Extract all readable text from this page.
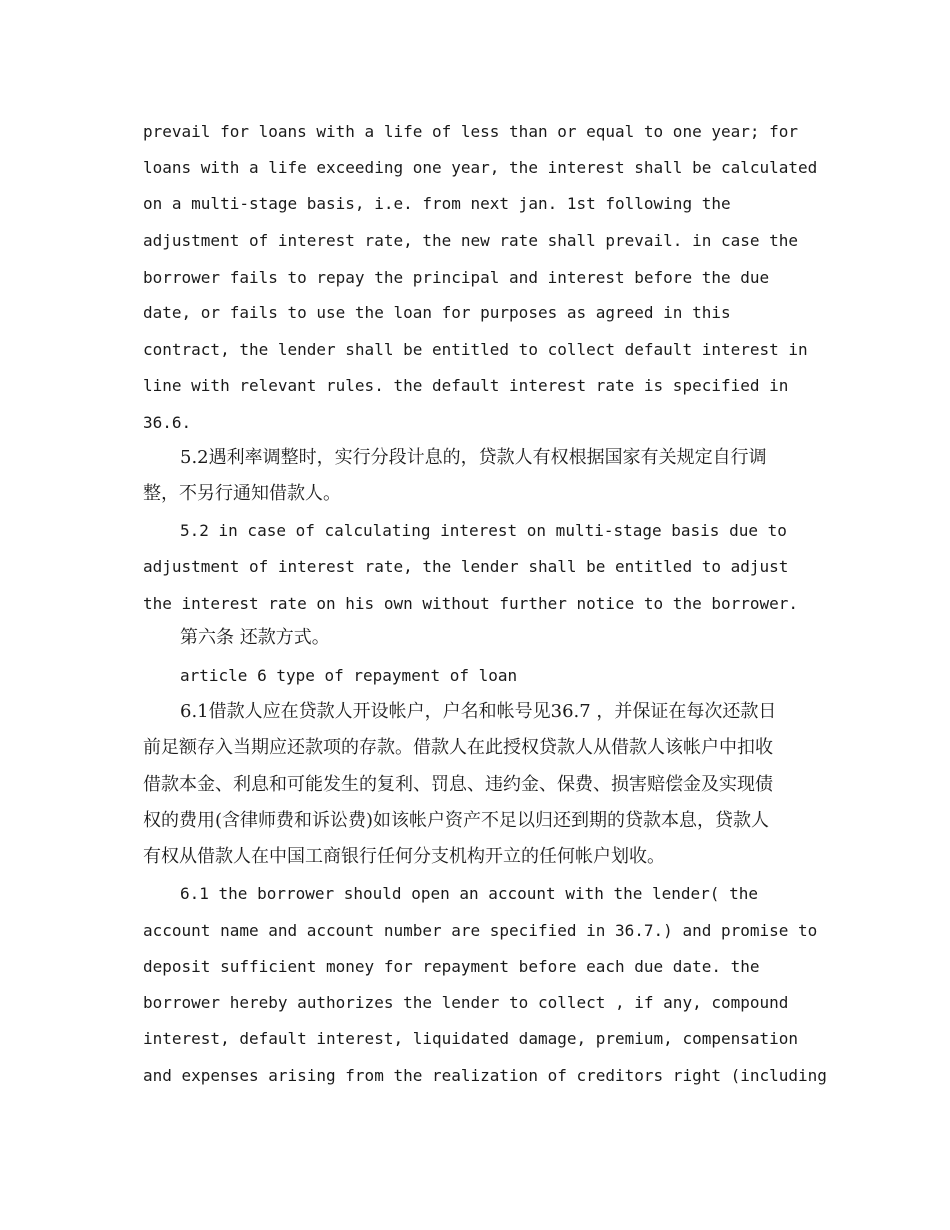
prevail for loans with a life of less than or equal to one year; for
loans with a life exceeding one year, the interest shall be calculated
on a multi-stage basis, i.e. from next jan. 1st following the
adjustment of interest rate, the new rate shall prevail. in case the
borrower fails to repay the principal and interest before the due
date, or fails to use the loan for purposes as agreed in this
contract, the lender shall be entitled to collect default interest in
line with relevant rules. the default interest rate is specified in
36.6.
5.2遇利率调整时，实行分段计息的，贷款人有权根据国家有关规定自行调
整，不另行通知借款人。
5.2 in case of calculating interest on multi-stage basis due to
adjustment of interest rate, the lender shall be entitled to adjust
the interest rate on his own without further notice to the borrower.
第六条 还款方式。
article 6 type of repayment of loan
6.1借款人应在贷款人开设帐户，户名和帐号见36.7 ，并保证在每次还款日
前足额存入当期应还款项的存款。借款人在此授权贷款人从借款人该帐户中扣收
借款本金、利息和可能发生的复利、罚息、违约金、保费、损害赔偿金及实现债
权的费用(含律师费和诉讼费)如该帐户资产不足以归还到期的贷款本息，贷款人
有权从借款人在中国工商银行任何分支机构开立的任何帐户划收。
6.1 the borrower should open an account with the lender( the
account name and account number are specified in 36.7.) and promise to
deposit sufficient money for repayment before each due date. the
borrower hereby authorizes the lender to collect , if any, compound
interest, default interest, liquidated damage, premium, compensation
and expenses arising from the realization of creditors right (including
